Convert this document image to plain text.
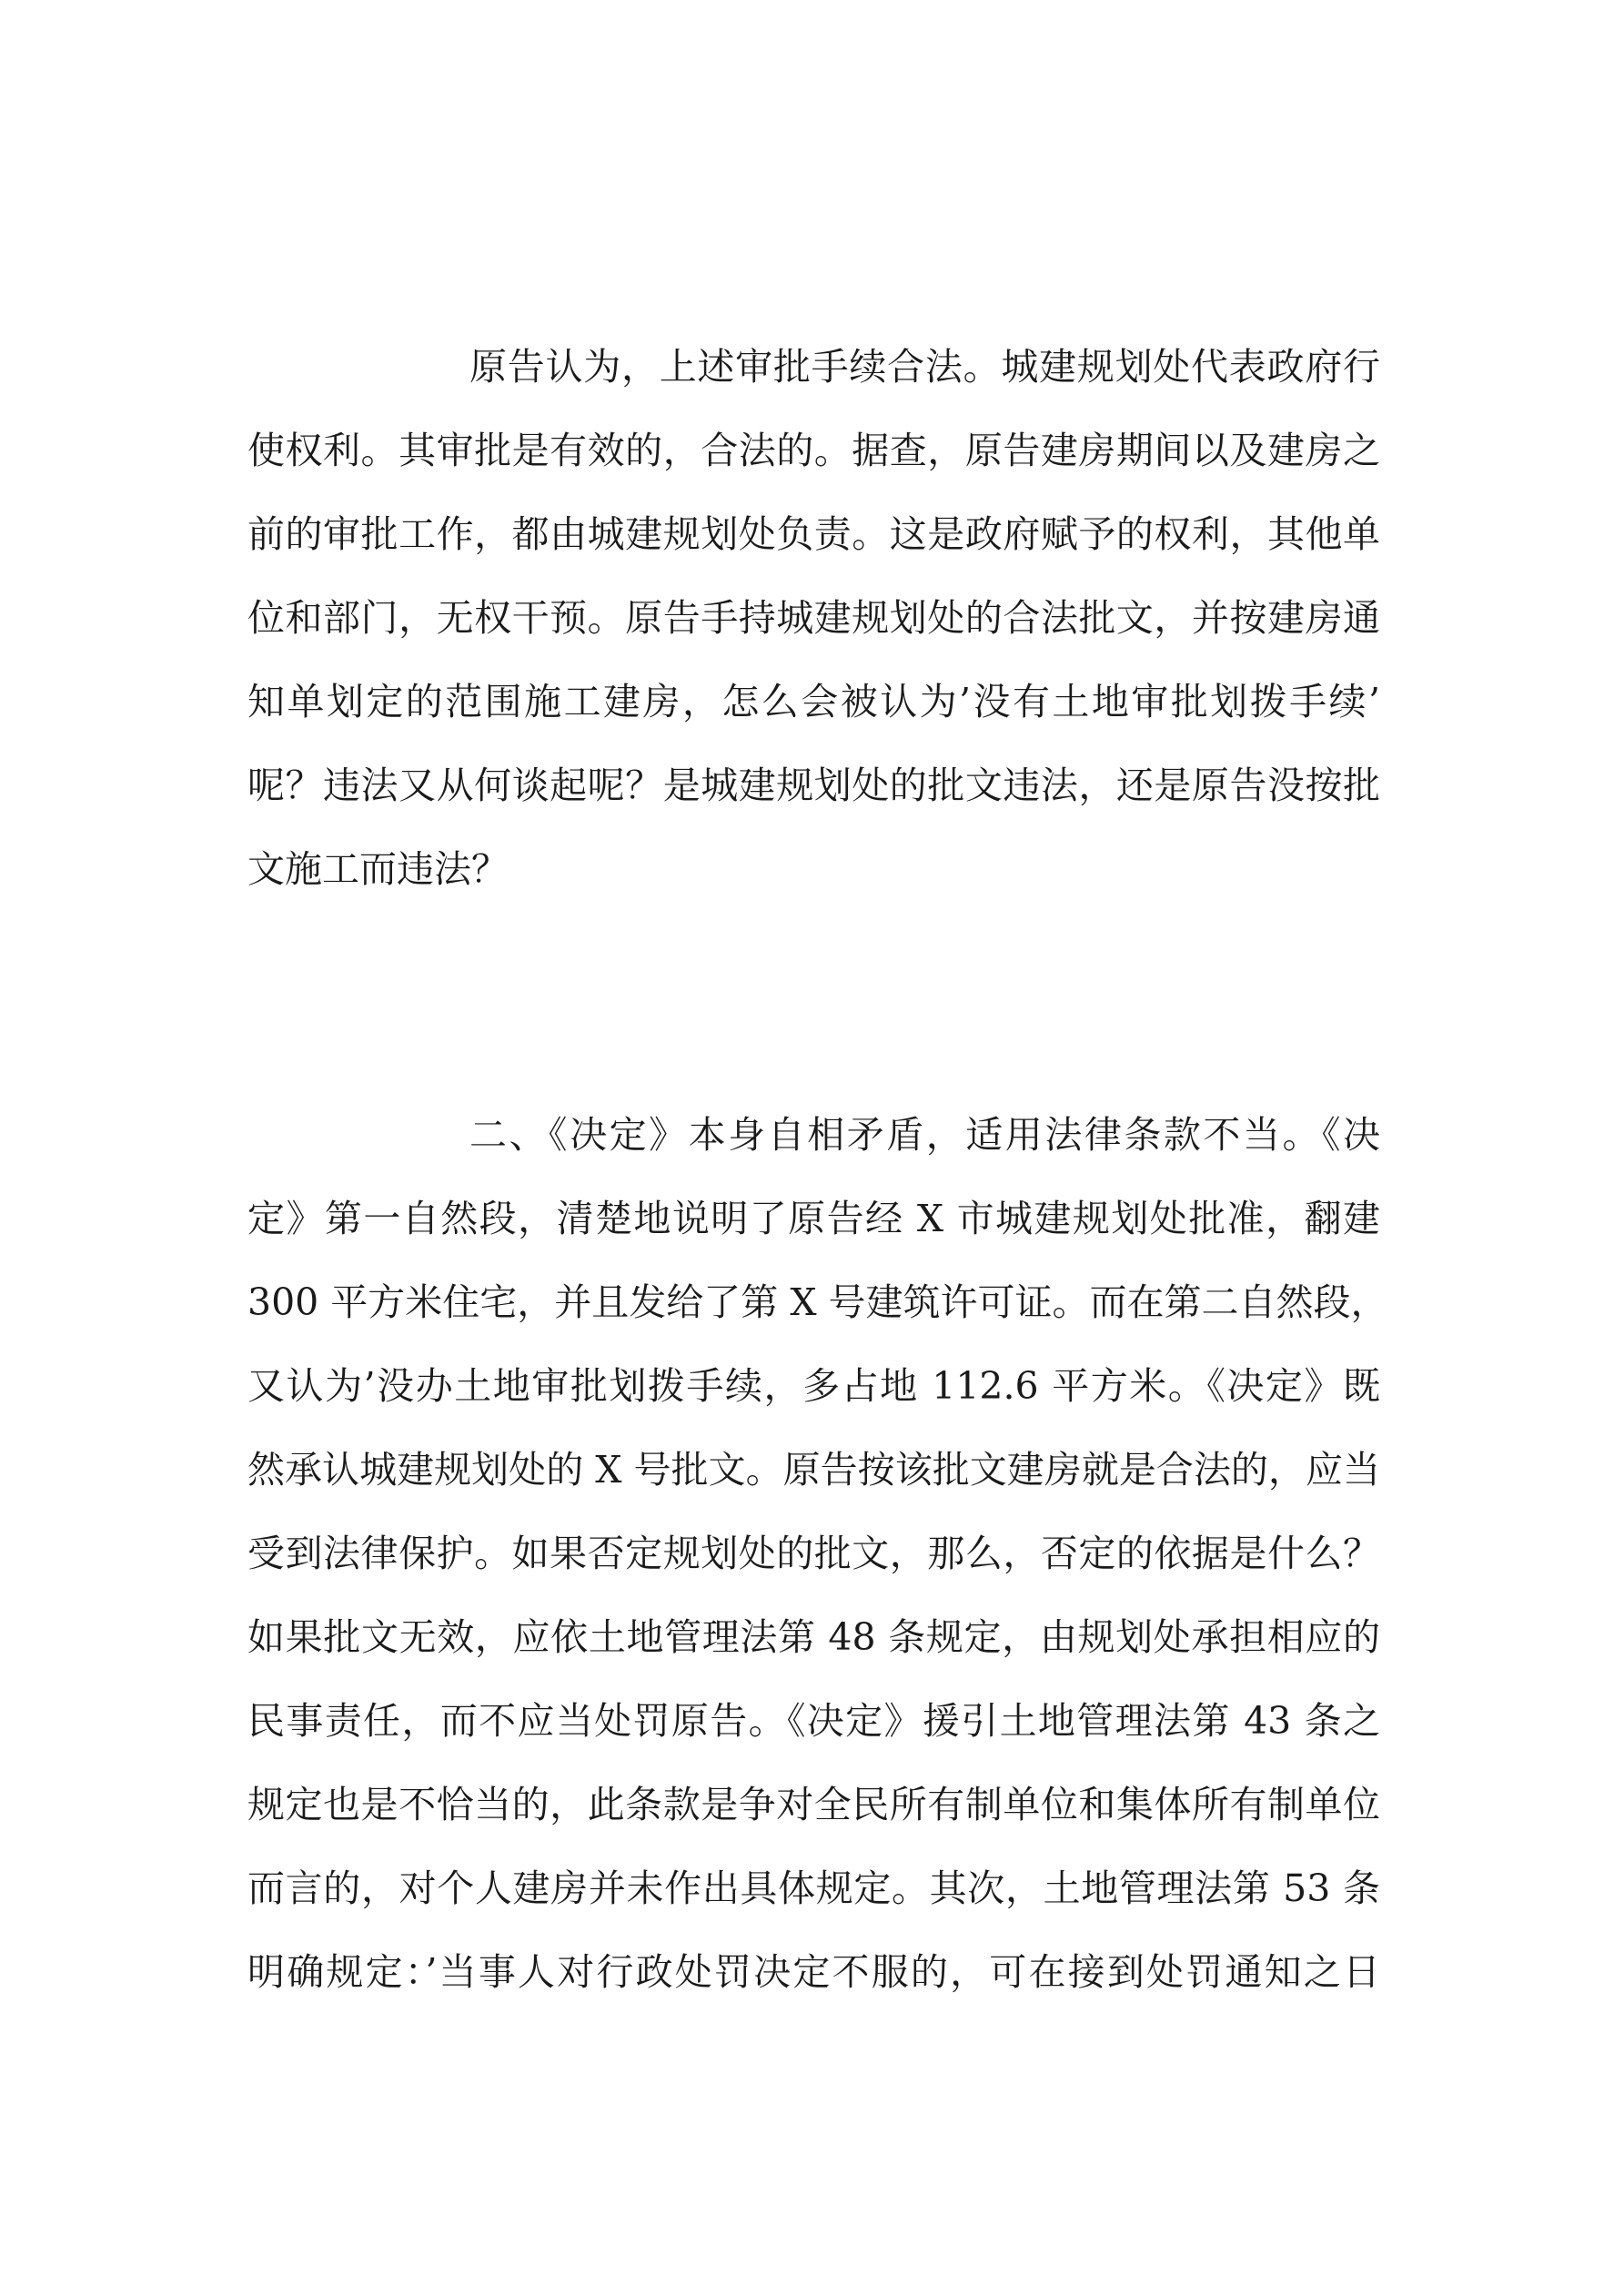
原告认为，上述审批手续合法。城建规划处代表政府行
使权利。其审批是有效的，合法的。据查，原告建房期间以及建房之
前的审批工作，都由城建规划处负责。这是政府赋予的权利，其他单
位和部门，无权干预。原告手持城建规划处的合法批文，并按建房通
知单划定的范围施工建房，怎么会被认为’没有土地审批划拨手续’
呢？违法又从何谈起呢？是城建规划处的批文违法，还是原告没按批
文施工而违法？
二、《决定》本身自相矛盾，适用法律条款不当。《决
定》第一自然段，清楚地说明了原告经 X 市城建规划处批准，翻建
300 平方米住宅，并且发给了第 X 号建筑许可证。而在第二自然段，
又认为’没办土地审批划拨手续，多占地 112.6 平方米。《决定》既
然承认城建规划处的 X 号批文。原告按该批文建房就是合法的，应当
受到法律保护。如果否定规划处的批文，那么，否定的依据是什么？
如果批文无效，应依土地管理法第 48 条规定，由规划处承担相应的
民事责任，而不应当处罚原告。《决定》援引土地管理法第 43 条之
规定也是不恰当的，此条款是争对全民所有制单位和集体所有制单位
而言的，对个人建房并未作出具体规定。其次，土地管理法第 53 条
明确规定：’当事人对行政处罚决定不服的，可在接到处罚通知之日
